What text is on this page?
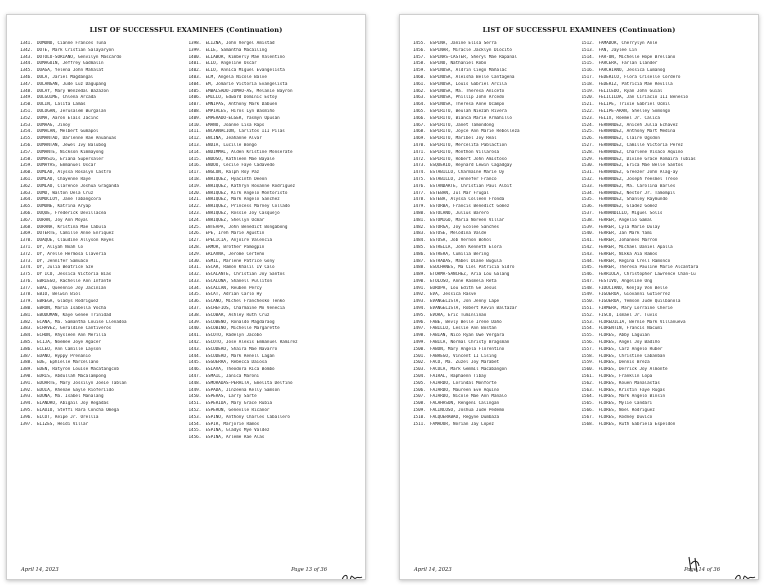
LIST OF SUCCESSFUL EXAMINEES (Continuation)
1341. DOMONO, Cianne Frances Tuna
1342. DOTE, Mark Cristian Salayaryon
1343. DOTOLO-SORIANO, Genvilyn Mascardo
1344. DUMAGUIN, Jeffrey Gadmalin
1345. DUAGA, Yelena John Mahalat
1346. DULA, Jariel Magdangal
1347. DULANGAN, Jude Luz Dagupang
1348. DULAY, Mary Wenzedal Bazazon
1349. DULGUIME, Chlena Arcada
1350. DULIN, Lalita Lamas
1351. DULOGAN, Jerusalem Burgalan
1352. DUMA, Aaron Elais Jacinc
1353. DUMAAG, Jinoy
1354. DUMALAN, Melbert Gumapol
1355. DUMANTAD, Darlenne Rae Anuanuas
1356. DUMANTAN, Jewel Ivy Balubog
1357. DUMANTE, Nickson Kimmayong
1358. DUMASIG, Eriana Supersaler
1359. DUMAYAS, Emmanuel Oscar
1360. DUMLAO, Alyssa Rosalyn Castro
1361. DUMLAO, Chayenne Raye
1362. DUMLAO, Clarence Joshua Graganda
1363. DUMO, Walton Dela Cruz
1364. DUMOCLOY, Jane Tabangcora
1365. DUMONE, Katrina Aryap
1366. DUQUE, Frederick Devillacea
1367. DURAN, Joy Ann Moyal
1368. DURANA, Kristina Mae Cabula
1369. DUTERTE, Camille Anne Enriquez
1370. DUAQUE, Claudine Allyson Reyes
1371. DY, Aliyah Noah Co
1372. DY, Arelle Hermosa Clavería
1373. DY, Jennifer Samuaco
1374. DY, Julia Beatrice Sze
1375. DY ICO, Jessica Victoria Bias
1376. EBRIEGO, Rachelle Ann Infante
1377. EBAL, Queennie Joy Jacinian
1378. EBIO, Belwin Biol
1379. EBREGA, Gladys Rodriguez
1380. EBRON, Maria Isabella Vocha
1381. EBUDUMAN, Kaye Genee Trinidad
1382. ECAÑA, Ma. Samantha Louise Llenadoa
1383. ECHAVEZ, Geraldine Cantiveros
1384. ECHON, Rhysleen Ann Merilla
1385. ECIJA, Noemee Joye Agacer
1386. ECLEO, Ann Camille Layson
1387. EDAÑO, Hyppy Prenanio
1388. EDE, Ephielle Marcellano
1389. EDEN, Ratyron Louise Macatangcob
1390. EDRIS, Abdullah Macalampong
1391. EDUARTE, Mary Jossilyn Joeie Tablan
1392. EDUIA, Rhenae Gayle Rioferiido
1393. EDUNA, Ma. Isabel Manalang
1394. ELANDRO, Abigail Joy Regadas
1395. ELAUIO, Steffi Rara Concha Omega
1396. ELCOT, Reipe Jr. Orellia
1397. ELIZES, Heidi Villar
1398. ELIZNA, John Vergel Amistad
1399. ELLE, Samantha Macailing
1400. ELLABOR, Kimberly Mae Valentino
1401. ELLO, Angeline Oscar
1402. ELLO, Annica Miguel Evangelista
1403. ELM, Angela Nicole Balve
1404. EM, Jomarie Victoria Evangelista
1405. EMBALSADO-JUMAO-AS, Melanie Bayron
1406. EMILLO, Edward Dominic Estoy
1407. EMNIPAS, Anthony Mark Dabuen
1408. EMPIALES, Hiros Lyn Basmiño
1409. EMPERADO-ELGER, Yasmyn Opusan
1410. EMANO, Joanne Lisa Raps
1411. ENCARNACION, Carlitos III Pilas
1412. ENCINA, Jeahanne Alvar
1413. ENDIA, Lucille Bongo
1414. ENDIMMAL, Alden Kristine Monserate
1415. ENDOSO, Kathleen Mae Bayale
1416. ENDOU, Cecile Faye Cadavedo
1417. ENGLON, Ralph Roy Paz
1418. ENRIQUEZ, Hyacinth Deeon
1419. ENRIQUEZ, Kathryn Roxanne Rodriguez
1420. ENRIQUEZ, Kirk Angelo Montoristo
1421. ENRIQUEZ, Mark Angelo Sanchez
1422. ENRIQUEZ, Princess Marney Collado
1423. ENRIQUEZ, Rossie Joy Casquejo
1424. ENRIQUEZ, Shellyn Ocmar
1425. ENTEAPA, John Benedict Bongabong
1426. EPE, Ireh Marie Agustin
1427. EPELICIA, Anjoire Valencia
1428. ERMOR, Brother Pamogpin
1429. ERLAVNA, Jerome Certeño
1430. ESMIL, Marlene Patrice Gony
1431. ESCAR, Ramon Khalil IV Calo
1432. ESCALANTE, Christian Joy Santos
1433. ESCALONA, Shanell Pulliton
1434. ESCALLAN, Reuben Percy
1435. ESCAT, Adrian Carlo Hy
1436. ESCAÑO, Michel Franchesko Tenko
1437. ESCHEFIOS, Charmaine Mo Venecia
1438. ESCOBAR, Ashley Ruth Cruz
1439. ESCOBENO, Ronaldo Magdaraog
1440. ESCOBINO, Michelle Margarette
1441. ESCOTO, Radelyn Jacobo
1442. ESCOTO, Jose Alexis Emmanuel Ramirez
1443. ESCUDERO, Shaira Mae Navarro
1444. ESCUDERO, Mark Renell Lagan
1445. ESGUERRA, Rebecca Daiosa
1446. ESLAVA, Theodora Rica Bombo
1447. ESMAIL, Janica Maroni
1448. ESMORADAS-PERALTA, Emelita Delfino
1449. ESPADA, Jinzeena Kelly Samson
1450. ESPERAS, Larry Sarte
1451. ESPERIDA, Mary Grace Rubia
1452. ESPERON, Genevile Ricanor
1453. ESPINO, Anthony Charles Caballero
1454. ESPIR, Marjorie Ramos
1455. ESPINA, Gladys Mye Valdez
1456. ESPINA, Arleme Rae Alas
April 14, 2023	Page 13 of 36
LIST OF SUCCESSFUL EXAMINEES (Continuation)
1455. ESPINA, Janine Elisa Serra
1456. ESPINAR, Miracle Jacklyn Diocito
1457. ESPINAS-CASTER, Sheryl Mae Rapanal
1458. ESPINO, Nathaniel Robo
1459. ESPINOSA, Aldrin Ciego Mañalac
1460. ESPINOSA, Aleisha Belle Cantagena
1461. ESPINOSA, Louis Gabriel Arcila
1462. ESPINOSA, Ma. Theresa Aniceto
1463. ESPINOSA, Phillip John Arcedo
1464. ESPINOSA, Theresa Anne Ocampo
1465. ESPIRITU, Beulah Niezah Rivera
1466. ESPIRITU, Bianca Marie Armahillo
1467. ESPIRITU, Janet Tamondong
1468. ESPIRITU, Joyce Ann Marie Rebolleza
1469. ESPIRITU, Maribel Joy Real
1470. ESPIRITU, Mercelita Pablaction
1471. ESPIRITU, Monthon Villarosa
1472. ESPIRITU, Robert John Amistoso
1473. ESQUERIO, Reynard Lewin Cagadgay
1474. ESTABILLO, Charmaine Marie Oy
1475. ESTABILLO, Jennefer Franco
1476. ESTANDARTE, Christian Paul Albit
1477. ESTEBAN, Jul Mar Frugal
1478. ESTEBA, Alyssa Colleen Fronda
1479. ESTORBA, Francis Benedict Gomez
1480. ESTOLANO, Julius Barero
1481. ESTOMIGO, Maria Noreen Villar
1482. ESTORGA, Joy Ecolee Sanches
1483. ESTOSE, Melodina Valde
1484. ESTOSA, Job Vernon Bohol
1485. ESTRELLA, John Kenneth Elora
1486. ESTRERA, Cumilia Bering
1487. ESTRADAS, Mabel Diane Bugula
1488. ESUCHANES, Ma Ciel Patricia Sidro
1489. ETORMA-SANCHEZ, Aria Lou Galang
1490. ETOLOSO, Anne Rasmela Reta
1491. EUROPA, Lou Edith Ge Jesus
1492. EVA, Jessica Rasve
1493. EVANGELISTA, Jon Jenny Lape
1494. EVANGELISTA, Robert Kevin Baltazar
1495. EVORA, Eric Tuminlinao
1496. FABE, Bevly Belle Irene Daño
1497. FABILLO, Leslie Ann Bostan
1498. FABIAN, Nico Ryan Uwe Vergara
1499. FABILA, Normal Christy Bragsman
1500. FABON, Mary Angela Florentino
1501. FABREGO, Vincent II Lising
1502. FACO, Ma. Zuzel Joy Marabet
1503. FACULA, Mark Gemmil Macabangon
1504. FAIRAL, Raphaenn Tibay
1505. FAJARDO, Lorindal Monforte
1506. FAJARDO, Maureen Eve Aquino
1507. FAJARDO, Nicole Mae Ann Manalo
1508. FALAHASON, Rengeni Calingan
1509. FALINCOSO, Joshua Jude Pedemo
1510. FALQUERABAO, Regyne Dumbaza
1511. FAMADOR, Norian Jay Lopez
1512. FAMADOR, Cherrylyn Anle
1513. FAN, Jaylee Lin
1514. FAR-ON, Michelle Hope Brellano
1515. FARCERA, Farlan Llander
1516. FARCHIANO, Jessica Lumanog
1517. FEDERICO, Flora Criselle Cordero
1518. FEDERIZ, Patricia Mae Revilla
1519. FELICEDO, Ryan John Guial
1520. FELICILDA, Jan Ciriacio III Benesio
1521. FELIPE, Trixie Gabriel Ocmil
1522. FELIPE-ARAN, Shelley Somongo
1523. FELIX, Roemel Jr. Calica
1524. FERNANDEZ, Aniceh Julia Echavez
1525. FERNANDEZ, Anthony Mart Medina
1526. FERNANDEZ, Claire Ogsdon
1527. FERNANDEZ, Camille Victoria Perez
1528. FERNANDEZ, Charlene Visaco Aquino
1529. FERNANDEZ, Divine Grace Romaira Tubias
1530. FERNANDEZ, Erica Mae Belle Santos
1531. FERNANDEZ, Greezer John Alag-ay
1532. FERNANDEZ, Joseph Yeesmel Trese
1533. FERNANDEZ, Ma. Carolina Barles
1534. FERNANDEZ, Nestor Jr. Tamompil
1535. FERNANDEZ, Shanley Raymundo
1536. FERNANDEZ, Gladez Gomez
1537. FERNANDILLO, Miguel Solis
1538. FERRER, Angelio Gamal
1539. FERRER, Lyla Marie Dulay
1540. FERRER, Jan Mark Yami
1541. FERRER, Johannes Marron
1542. FERRER, Michael Daniel Apalla
1543. FERRER, Nikka Aia Ramos
1544. FERRER, Regina Crell Ramonco
1545. FERRER, Theresa Pauline Marie Alcantara
1546. FERRIOLA, Christopher Lawrence Chan-Cu
1547. FESTIVO, Angeline Ong
1548. FIDUCIANO, Kenjay Von Belle
1549. FIGUEROA, Giovanni Gutierrez
1550. FIGUEROA, Yemson Jude Quilbanola
1551. FIRMERA, Mary Lorraine Cherie
1552. FISCO, Ismael Jr. Tuvis
1553. FLOREDILIA, Bernie Mark Villanueva
1554. FLORENTIN, Francis Nacumi
1555. FLORES, Abby Laguian
1556. FLORES, Angel Joy Badiño
1557. FLORES, Carz Angelo Ruber
1558. FLORES, Christine Cabanban
1559. FLORES, Dennis Breza
1560. FLORES, Derrick Joy Almonte
1561. FLORES, Franklin Lopa
1562. FLORES, Kouen Manalastas
1563. FLORES, Kristin Faye Rugas
1564. FLORES, Mark Angelo Binsin
1565. FLORES, Mylie Candari
1566. FLORES, Noel Rodriguez
1567. FLORES, Rodney Duvico
1568. FLORES, Ruth Gabriela Espeldon
April 14, 2023	Page 14 of 36
